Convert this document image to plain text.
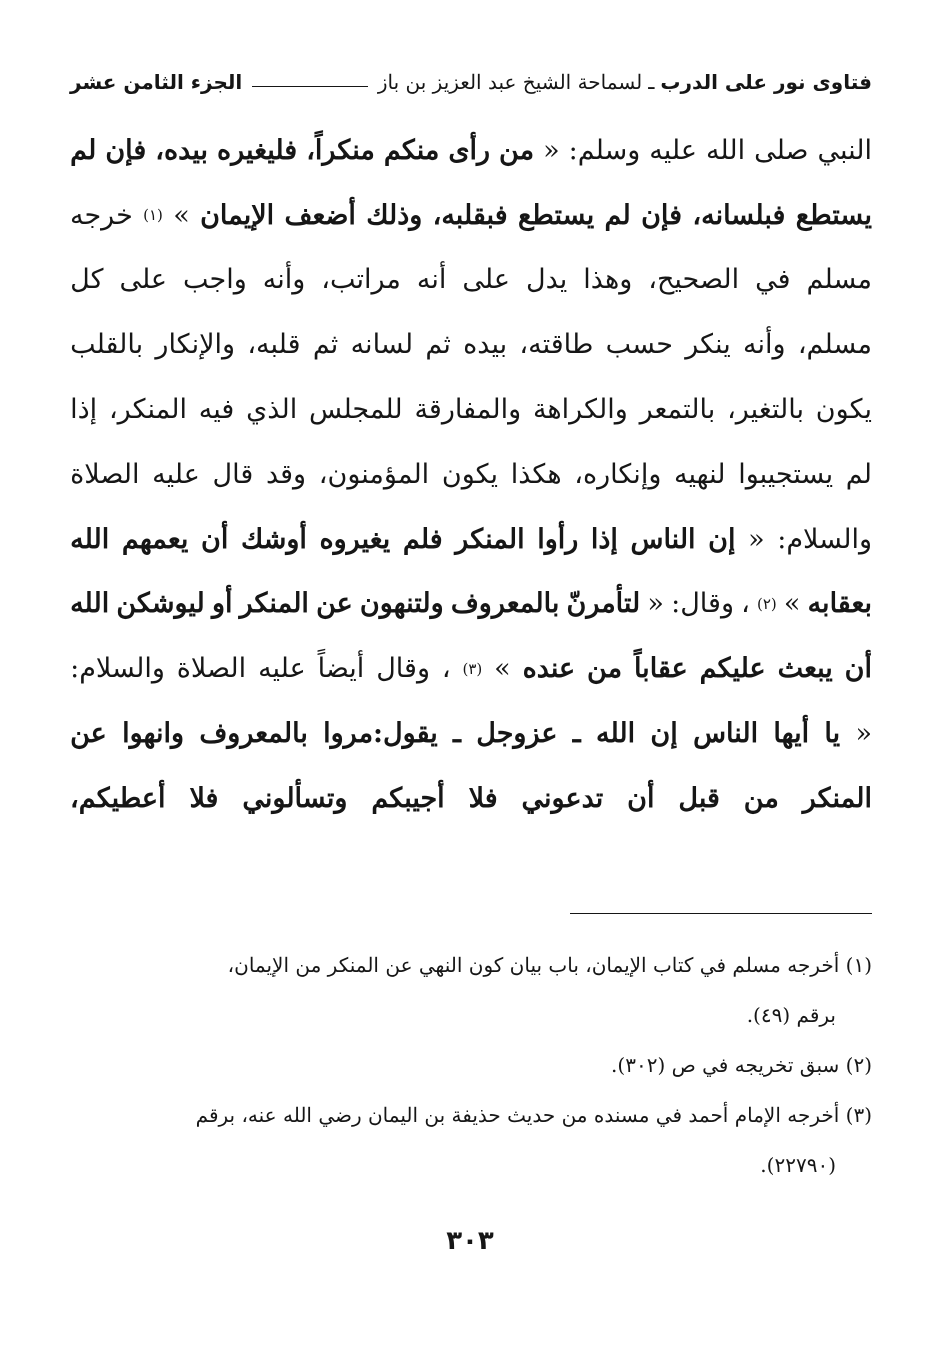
فتاوى نور على الدرب
ـ
لسماحة الشيخ عبد العزيز بن باز
الجزء الثامن عشر
النبي
صلى
الله
عليه
وسلم:
«
من
رأى
منكم
منكراً،
فليغيره
بيده،
فإن
لم
يستطع
فبلسانه،
فإن
لم
يستطع
فبقلبه،
وذلك
أضعف
الإيمان
»
(١)
خرجه
مسلم
في
الصحيح،
وهذا
يدل
على
أنه
مراتب،
وأنه
واجب
على
كل
مسلم،
وأنه
ينكر
حسب
طاقته،
بيده
ثم
لسانه
ثم
قلبه،
والإنكار
بالقلب
يكون
بالتغير،
بالتمعر
والكراهة
والمفارقة
للمجلس
الذي
فيه
المنكر،
إذا
لم
يستجيبوا
لنهيه
وإنكاره،
هكذا
يكون
المؤمنون،
وقد
قال
عليه
الصلاة
والسلام:
«
إن
الناس
إذا
رأوا
المنكر
فلم
يغيروه
أوشك
أن
يعمهم
الله
بعقابه
»
(٢)
،
وقال:
«
لتأمرنّ
بالمعروف
ولتنهون
عن
المنكر
أو
ليوشكن
الله
أن
يبعث
عليكم
عقاباً
من
عنده
»
(٣)
،
وقال
أيضاً
عليه
الصلاة
والسلام:
«
يا
أيها
الناس
إن
الله
ـ
عزوجل
ـ
يقول:مروا
بالمعروف
وانهوا
عن
المنكر
من
قبل
أن
تدعوني
فلا
أجيبكم
وتسألوني
فلا
أعطيكم،
(١) أخرجه مسلم في كتاب الإيمان، باب بيان كون النهي عن المنكر من الإيمان،
برقم (٤٩).
(٢) سبق تخريجه في ص (٣٠٢).
(٣) أخرجه الإمام أحمد في مسنده من حديث حذيفة بن اليمان رضي الله عنه، برقم
(٢٢٧٩٠).
٣٠٣
